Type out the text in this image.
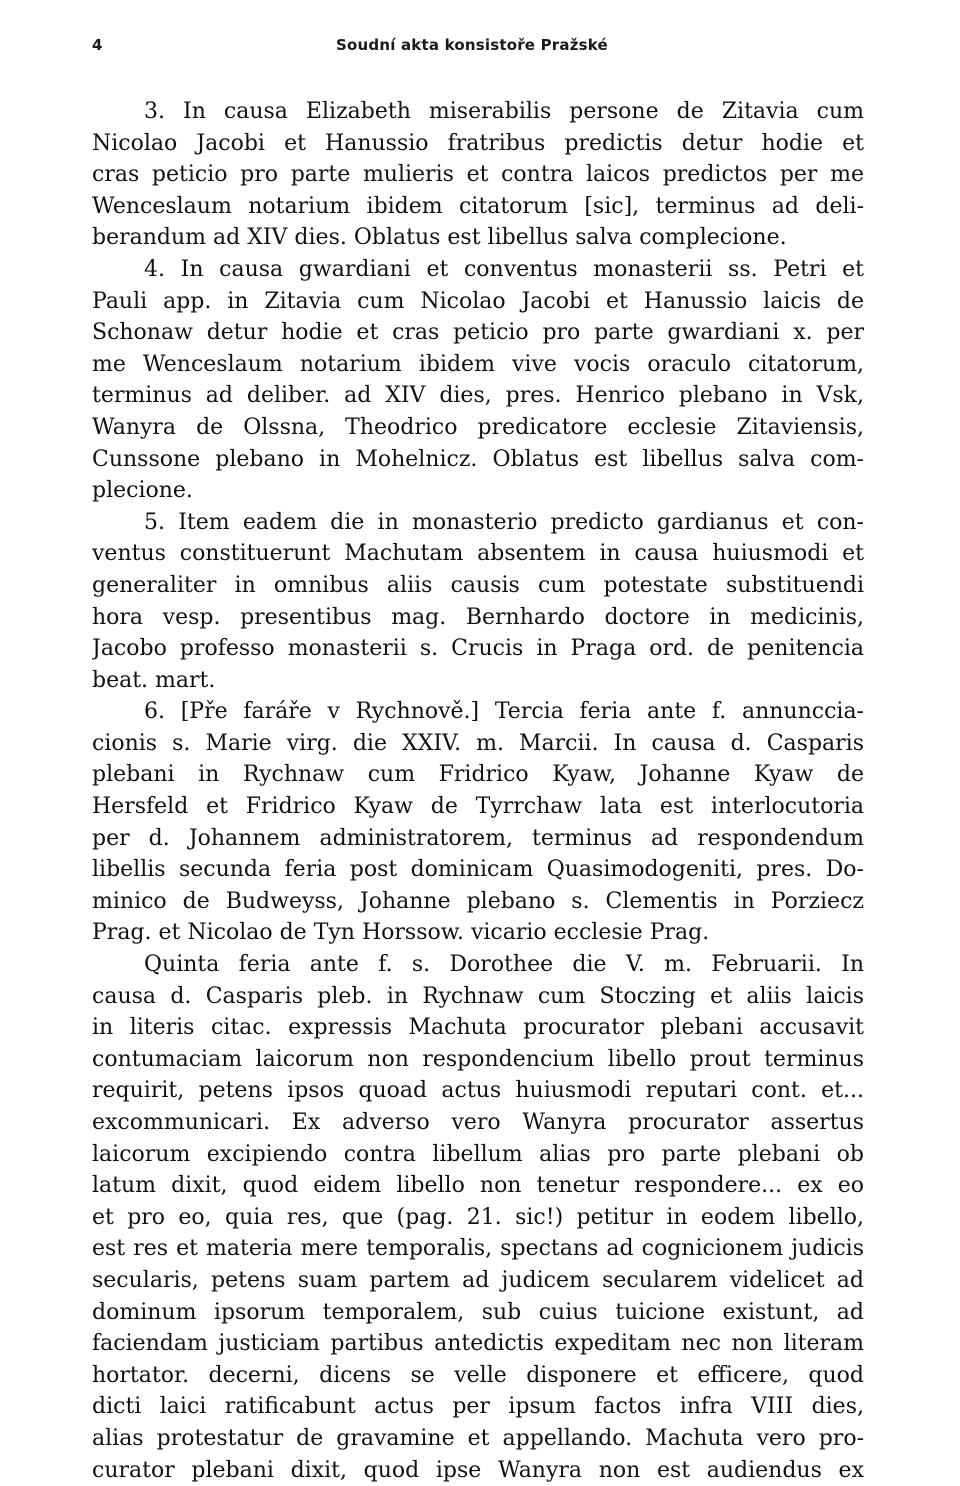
4	Soudní akta konsistoře Pražské
3. In causa Elizabeth miserabilis persone de Zitavia cum
Nicolao Jacobi et Hanussio fratribus predictis detur hodie et
cras peticio pro parte mulieris et contra laicos predictos per me
Wenceslaum notarium ibidem citatorum [sic], terminus ad deli-
berandum ad XIV dies. Oblatus est libellus salva complecione.
4. In causa gwardiani et conventus monasterii ss. Petri et
Pauli app. in Zitavia cum Nicolao Jacobi et Hanussio laicis de
Schonaw detur hodie et cras peticio pro parte gwardiani x. per
me Wenceslaum notarium ibidem vive vocis oraculo citatorum,
terminus ad deliber. ad XIV dies, pres. Henrico plebano in Vsk,
Wanyra de Olssna, Theodrico predicatore ecclesie Zitaviensis,
Cunssone plebano in Mohelnicz. Oblatus est libellus salva com-
plecione.
5. Item eadem die in monasterio predicto gardianus et con-
ventus constituerunt Machutam absentem in causa huiusmodi et
generaliter in omnibus aliis causis cum potestate substituendi
hora vesp. presentibus mag. Bernhardo doctore in medicinis,
Jacobo professo monasterii s. Crucis in Praga ord. de penitencia
beat. mart.
6. [Pře faráře v Rychnově.] Tercia feria ante f. annunccia-
cionis s. Marie virg. die XXIV. m. Marcii. In causa d. Casparis
plebani in Rychnaw cum Fridrico Kyaw, Johanne Kyaw de
Hersfeld et Fridrico Kyaw de Tyrrchaw lata est interlocutoria
per d. Johannem administratorem, terminus ad respondendum
libellis secunda feria post dominicam Quasimodogeniti, pres. Do-
minico de Budweyss, Johanne plebano s. Clementis in Porziecz
Prag. et Nicolao de Tyn Horssow. vicario ecclesie Prag.
Quinta feria ante f. s. Dorothee die V. m. Februarii. In
causa d. Casparis pleb. in Rychnaw cum Stoczing et aliis laicis
in literis citac. expressis Machuta procurator plebani accusavit
contumaciam laicorum non respondencium libello prout terminus
requirit, petens ipsos quoad actus huiusmodi reputari cont. et...
excommunicari. Ex adverso vero Wanyra procurator assertus
laicorum excipiendo contra libellum alias pro parte plebani ob
latum dixit, quod eidem libello non tenetur respondere... ex eo
et pro eo, quia res, que (pag. 21. sic!) petitur in eodem libello,
est res et materia mere temporalis, spectans ad cognicionem judicis
secularis, petens suam partem ad judicem secularem videlicet ad
dominum ipsorum temporalem, sub cuius tuicione existunt, ad
faciendam justiciam partibus antedictis expeditam nec non literam
hortator. decerni, dicens se velle disponere et efficere, quod
dicti laici ratificabunt actus per ipsum factos infra VIII dies,
alias protestatur de gravamine et appellando. Machuta vero pro-
curator plebani dixit, quod ipse Wanyra non est audiendus ex
